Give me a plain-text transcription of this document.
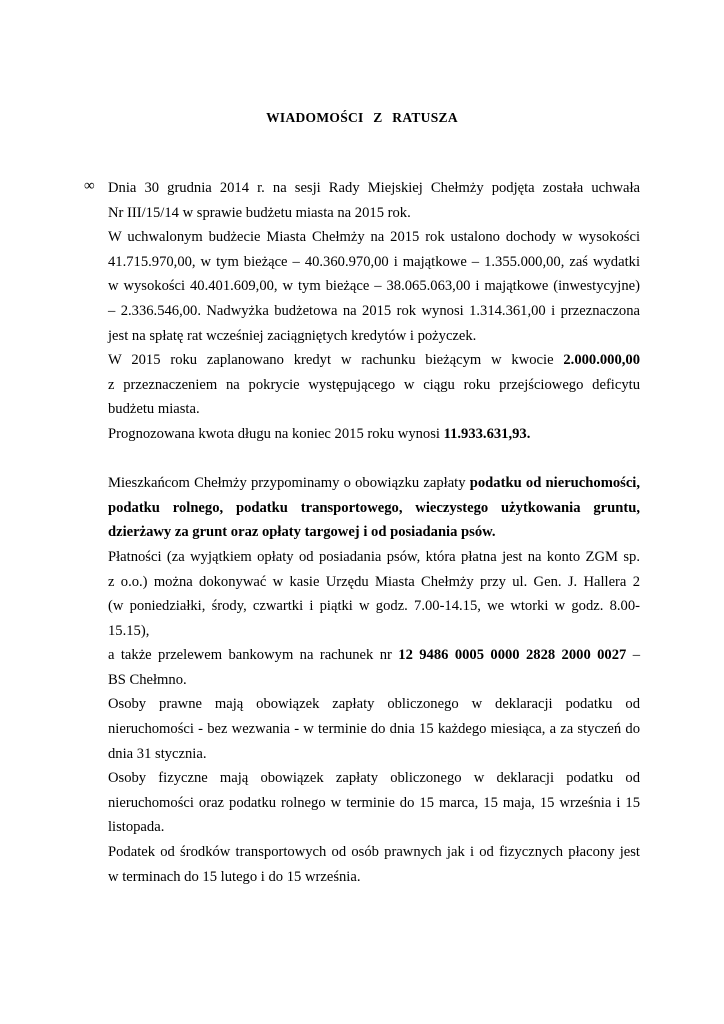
WIADOMOŚCI Z RATUSZA
∞ Dnia 30 grudnia 2014 r. na sesji Rady Miejskiej Chełmży podjęta została uchwała

Nr III/15/14 w sprawie budżetu miasta na 2015 rok.

W uchwalonym budżecie Miasta Chełmży na 2015 rok ustalono dochody w wysokości

41.715.970,00, w tym bieżące – 40.360.970,00 i majątkowe – 1.355.000,00, zaś wydatki

w wysokości 40.401.609,00, w tym bieżące – 38.065.063,00 i majątkowe (inwestycyjne)

– 2.336.546,00. Nadwyżka budżetowa na 2015 rok wynosi 1.314.361,00 i przeznaczona

jest na spłatę rat wcześniej zaciągniętych kredytów i pożyczek.

W 2015 roku zaplanowano kredyt w rachunku bieżącym w kwocie 2.000.000,00

z przeznaczeniem na pokrycie występującego w ciągu roku przejściowego deficytu

budżetu miasta.

Prognozowana kwota długu na koniec 2015 roku wynosi 11.933.631,93.

Mieszkańcom Chełmży przypominamy o obowiązku zapłaty podatku od nieruchomości,

podatku rolnego, podatku transportowego, wieczystego użytkowania gruntu,

dzierżawy za grunt oraz opłaty targowej i od posiadania psów.

Płatności (za wyjątkiem opłaty od posiadania psów, która płatna jest na konto ZGM sp.

z o.o.) można dokonywać w kasie Urzędu Miasta Chełmży przy ul. Gen. J. Hallera 2

(w poniedziałki, środy, czwartki i piątki w godz. 7.00-14.15, we wtorki w godz. 8.00-

15.15),

a także przelewem bankowym na rachunek nr 12 9486 0005 0000 2828 2000 0027 –

BS Chełmno.

Osoby prawne mają obowiązek zapłaty obliczonego w deklaracji podatku od

nieruchomości - bez wezwania - w terminie do dnia 15 każdego miesiąca, a za styczeń do

dnia 31 stycznia.

Osoby fizyczne mają obowiązek zapłaty obliczonego w deklaracji podatku od

nieruchomości oraz podatku rolnego w terminie do 15 marca, 15 maja, 15 września i 15

listopada.

Podatek od środków transportowych od osób prawnych jak i od fizycznych płacony jest

w terminach do 15 lutego i do 15 września.
